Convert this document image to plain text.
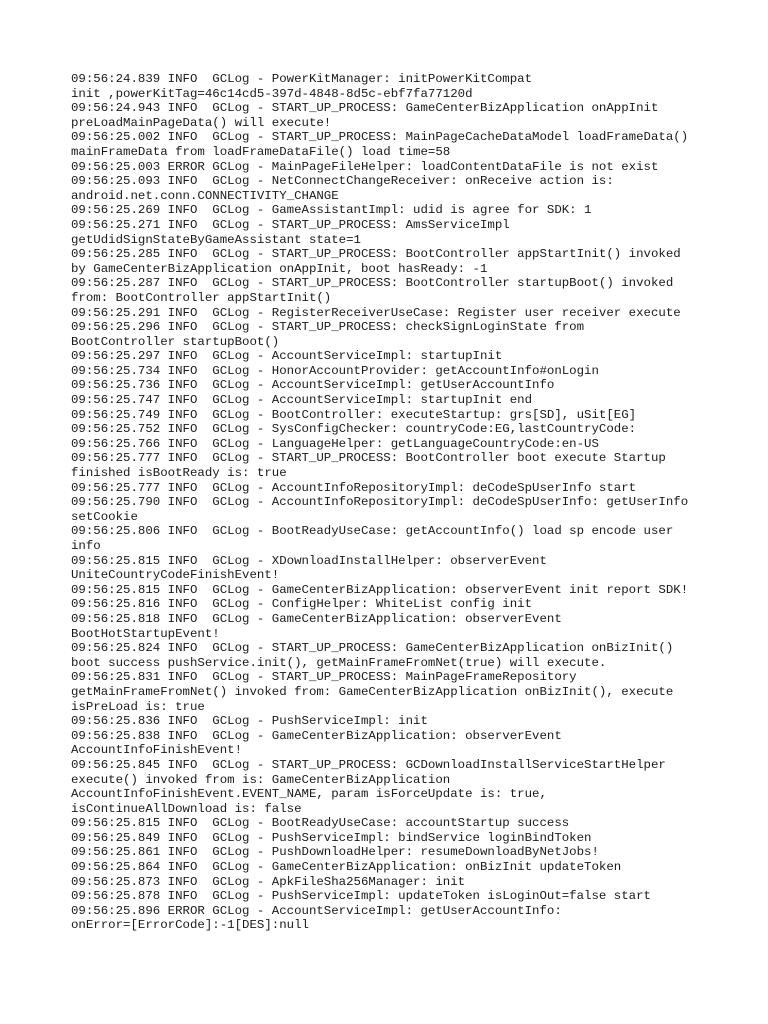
09:56:24.839 INFO  GCLog - PowerKitManager: initPowerKitCompat
init ,powerKitTag=46c14cd5-397d-4848-8d5c-ebf7fa77120d
09:56:24.943 INFO  GCLog - START_UP_PROCESS: GameCenterBizApplication onAppInit
preLoadMainPageData() will execute!
09:56:25.002 INFO  GCLog - START_UP_PROCESS: MainPageCacheDataModel loadFrameData()
mainFrameData from loadFrameDataFile() load time=58
09:56:25.003 ERROR GCLog - MainPageFileHelper: loadContentDataFile is not exist
09:56:25.093 INFO  GCLog - NetConnectChangeReceiver: onReceive action is:
android.net.conn.CONNECTIVITY_CHANGE
09:56:25.269 INFO  GCLog - GameAssistantImpl: udid is agree for SDK: 1
09:56:25.271 INFO  GCLog - START_UP_PROCESS: AmsServiceImpl
getUdidSignStateByGameAssistant state=1
09:56:25.285 INFO  GCLog - START_UP_PROCESS: BootController appStartInit() invoked
by GameCenterBizApplication onAppInit, boot hasReady: -1
09:56:25.287 INFO  GCLog - START_UP_PROCESS: BootController startupBoot() invoked
from: BootController appStartInit()
09:56:25.291 INFO  GCLog - RegisterReceiverUseCase: Register user receiver execute
09:56:25.296 INFO  GCLog - START_UP_PROCESS: checkSignLoginState from
BootController startupBoot()
09:56:25.297 INFO  GCLog - AccountServiceImpl: startupInit
09:56:25.734 INFO  GCLog - HonorAccountProvider: getAccountInfo#onLogin
09:56:25.736 INFO  GCLog - AccountServiceImpl: getUserAccountInfo
09:56:25.747 INFO  GCLog - AccountServiceImpl: startupInit end
09:56:25.749 INFO  GCLog - BootController: executeStartup: grs[SD], uSit[EG]
09:56:25.752 INFO  GCLog - SysConfigChecker: countryCode:EG,lastCountryCode:
09:56:25.766 INFO  GCLog - LanguageHelper: getLanguageCountryCode:en-US
09:56:25.777 INFO  GCLog - START_UP_PROCESS: BootController boot execute Startup
finished isBootReady is: true
09:56:25.777 INFO  GCLog - AccountInfoRepositoryImpl: deCodeSpUserInfo start
09:56:25.790 INFO  GCLog - AccountInfoRepositoryImpl: deCodeSpUserInfo: getUserInfo
setCookie
09:56:25.806 INFO  GCLog - BootReadyUseCase: getAccountInfo() load sp encode user
info
09:56:25.815 INFO  GCLog - XDownloadInstallHelper: observerEvent
UniteCountryCodeFinishEvent!
09:56:25.815 INFO  GCLog - GameCenterBizApplication: observerEvent init report SDK!
09:56:25.816 INFO  GCLog - ConfigHelper: WhiteList config init
09:56:25.818 INFO  GCLog - GameCenterBizApplication: observerEvent
BootHotStartupEvent!
09:56:25.824 INFO  GCLog - START_UP_PROCESS: GameCenterBizApplication onBizInit()
boot success pushService.init(), getMainFrameFromNet(true) will execute.
09:56:25.831 INFO  GCLog - START_UP_PROCESS: MainPageFrameRepository
getMainFrameFromNet() invoked from: GameCenterBizApplication onBizInit(), execute
isPreLoad is: true
09:56:25.836 INFO  GCLog - PushServiceImpl: init
09:56:25.838 INFO  GCLog - GameCenterBizApplication: observerEvent
AccountInfoFinishEvent!
09:56:25.845 INFO  GCLog - START_UP_PROCESS: GCDownloadInstallServiceStartHelper
execute() invoked from is: GameCenterBizApplication
AccountInfoFinishEvent.EVENT_NAME, param isForceUpdate is: true,
isContinueAllDownload is: false
09:56:25.815 INFO  GCLog - BootReadyUseCase: accountStartup success
09:56:25.849 INFO  GCLog - PushServiceImpl: bindService loginBindToken
09:56:25.861 INFO  GCLog - PushDownloadHelper: resumeDownloadByNetJobs!
09:56:25.864 INFO  GCLog - GameCenterBizApplication: onBizInit updateToken
09:56:25.873 INFO  GCLog - ApkFileSha256Manager: init
09:56:25.878 INFO  GCLog - PushServiceImpl: updateToken isLoginOut=false start
09:56:25.896 ERROR GCLog - AccountServiceImpl: getUserAccountInfo:
onError=[ErrorCode]:-1[DES]:null
